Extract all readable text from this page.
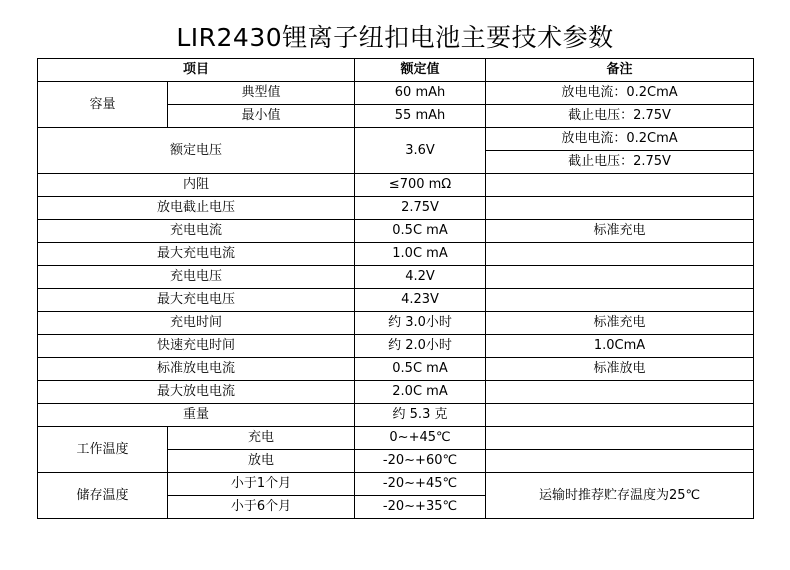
LIR2430锂离子纽扣电池主要技术参数
项目		额定值	备注
容量	典型值	60 mAh	放电电流：0.2CmA
	最小值	55 mAh	截止电压：2.75V
额定电压		3.6V	放电电流：0.2CmA
			截止电压：2.75V
内阻		≤700 mΩ	
放电截止电压		2.75V	
充电电流		0.5C mA	标准充电
最大充电电流		1.0C mA	
充电电压		4.2V	
最大充电电压		4.23V	
充电时间		约 3.0小时	标准充电
快速充电时间		约 2.0小时	1.0CmA
标准放电电流		0.5C mA	标准放电
最大放电电流		2.0C mA	
重量		约 5.3 克	
工作温度	充电	0~+45℃	
	放电	-20~+60℃	
储存温度	小于1个月	-20~+45℃	运输时推荐贮存温度为25℃
	小于6个月	-20~+35℃	
